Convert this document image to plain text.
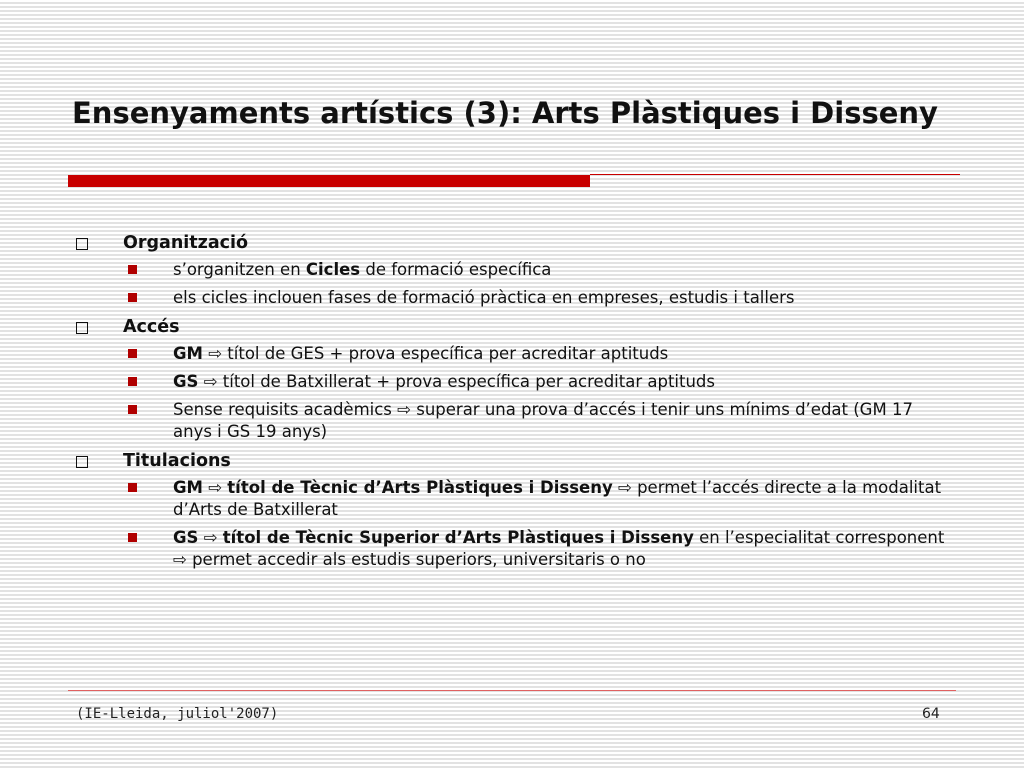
Ensenyaments artístics (3): Arts Plàstiques i Disseny
Organització
s’organitzen en Cicles de formació específica
els cicles inclouen fases de formació pràctica en empreses, estudis i tallers
Accés
GM ⇨ títol de GES + prova específica per acreditar aptituds
GS ⇨ títol de Batxillerat + prova específica per acreditar aptituds
Sense requisits acadèmics ⇨ superar una prova d’accés i tenir uns mínims d’edat (GM 17 anys i GS 19 anys)
Titulacions
GM ⇨ títol de Tècnic d’Arts Plàstiques i Disseny ⇨ permet l’accés directe a la modalitat d’Arts de Batxillerat
GS ⇨ títol de Tècnic Superior d’Arts Plàstiques i Disseny en l’especialitat corresponent ⇨ permet accedir als estudis superiors, universitaris o no
(IE-Lleida, juliol'2007)	64
